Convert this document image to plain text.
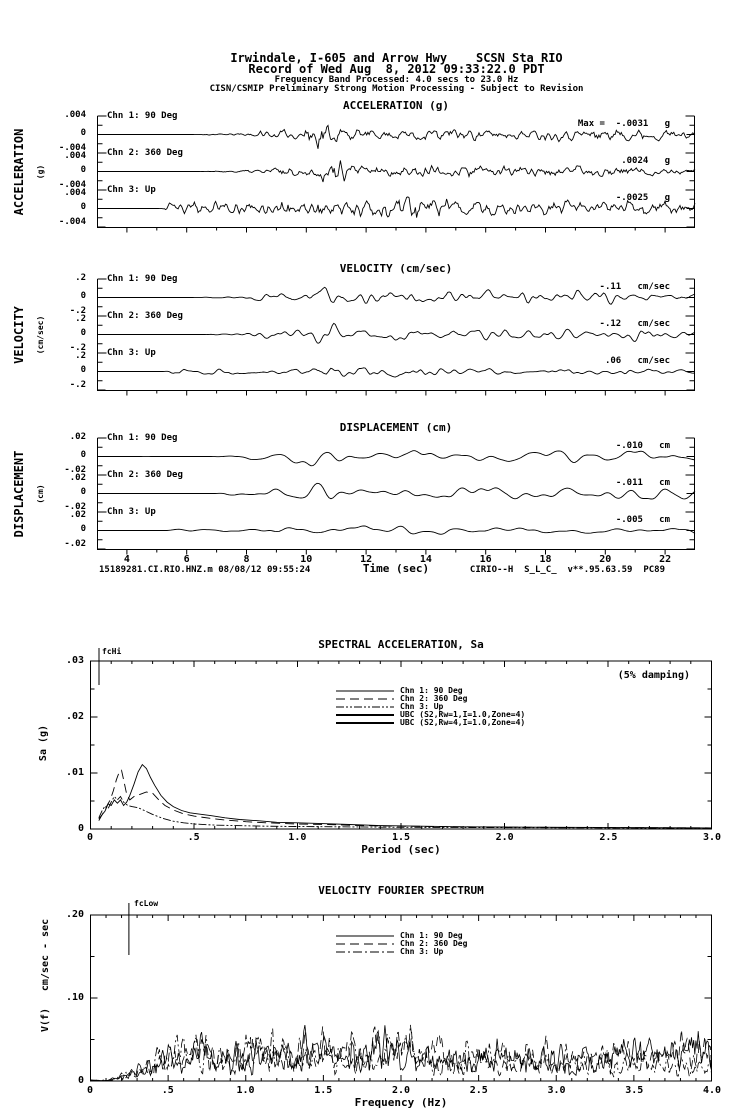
Irwindale, I-605 and Arrow Hwy    SCSN Sta RIO
Record of Wed Aug  8, 2012 09:33:22.0 PDT
Frequency Band Processed: 4.0 secs to 23.0 Hz
CISN/CSMIP Preliminary Strong Motion Processing - Subject to Revision
ACCELERATION (g)
VELOCITY (cm/sec)
DISPLACEMENT (cm)
ACCELERATION (g)
VELOCITY (cm/sec)
DISPLACEMENT (cm)
15189281.CI.RIO.HNZ.m 08/08/12 09:55:24	Time (sec)	CIRIO--H  S_L_C_  v**.95.63.59  PC89
SPECTRAL ACCELERATION, Sa
fcHi
(5% damping)
Sa (g)
Period (sec)
VELOCITY FOURIER SPECTRUM
fcLow
cm/sec - sec
V(f)
Frequency (Hz)
.004
0
-.004
Chn 1: 90 Deg
Max =  -.0031   g
.004
0
-.004
Chn 2: 360 Deg
.0024   g
.004
0
-.004
Chn 3: Up
-.0025   g
.2
0
-.2
Chn 1: 90 Deg
-.11   cm/sec
.2
0
-.2
Chn 2: 360 Deg
-.12   cm/sec
.2
0
-.2
Chn 3: Up
.06   cm/sec
.02
0
-.02
Chn 1: 90 Deg
-.010   cm
.02
0
-.02
Chn 2: 360 Deg
-.011   cm
.02
0
-.02
Chn 3: Up
-.005   cm
4	6	8	10	12	14	16	18	20	22
.03
.02
.01
0
0	.5	1.0	1.5	2.0	2.5	3.0
Chn 1: 90 Deg
Chn 2: 360 Deg
Chn 3: Up
UBC (S2,Rw=1,I=1.0,Zone=4)
UBC (S2,Rw=4,I=1.0,Zone=4)
.20
.10
0
0	.5	1.0	1.5	2.0	2.5	3.0	3.5	4.0
Chn 1: 90 Deg
Chn 2: 360 Deg
Chn 3: Up
